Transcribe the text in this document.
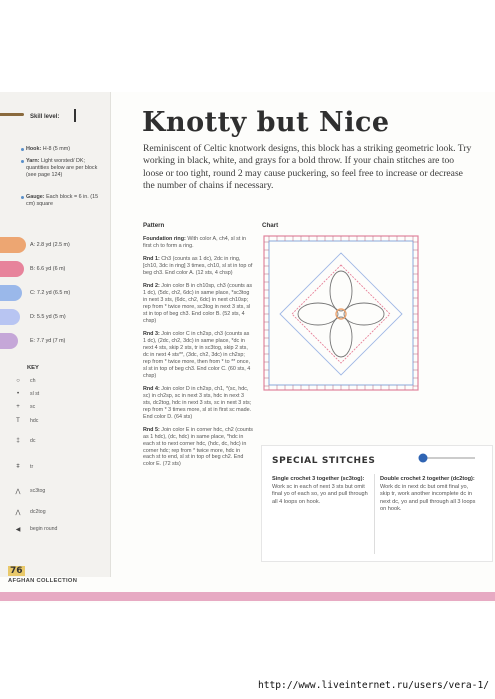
Skill level:
Hook: H-8 (5 mm)
Yarn: Light worsted/ DK; quantities below are per block (see page 124)
Gauge: Each block = 6 in. (15 cm) square
A: 2.8 yd (2.5 m)
B: 6.6 yd (6 m)
C: 7.2 yd (6.5 m)
D: 5.5 yd (5 m)
E: 7.7 yd (7 m)
KEY
○	ch
•	sl st
+	sc
T	hdc
‡	dc
ǂ	tr
⋀	sc3tog
⋀	dc2tog
◀	begin round
Knotty but Nice
Reminiscent of Celtic knotwork designs, this block has a striking geometric look. Try working in black, white, and grays for a bold throw. If your chain stitches are too loose or too tight, round 2 may cause puckering, so feel free to increase or decrease the number of chains if necessary.
Pattern

Foundation ring: With color A, ch4, sl st in first ch to form a ring.

Rnd 1: Ch3 (counts as 1 dc), 2dc in ring, [ch10, 3dc in ring] 3 times, ch10, sl st in top of beg ch3. End color A. (12 sts, 4 chsp)

Rnd 2: Join color B in ch10sp, ch3 (counts as 1 dc), (5dc, ch2, 6dc) in same place, *sc3tog in next 3 sts, (6dc, ch2, 6dc) in next ch10sp; rep from * twice more, sc3tog in next 3 sts, sl st in top of beg ch3. End color B. (52 sts, 4 chsp)

Rnd 3: Join color C in ch2sp, ch3 (counts as 1 dc), (2dc, ch2, 3dc) in same place, *dc in next 4 sts, skip 2 sts, tr in sc3tog, skip 2 sts, dc in next 4 sts**, (3dc, ch2, 3dc) in ch2sp; rep from * twice more, then from * to ** once, sl st in top of beg ch3. End color C. (60 sts, 4 chsp)

Rnd 4: Join color D in ch2sp, ch1, *(sc, hdc, sc) in ch2sp, sc in next 3 sts, hdc in next 3 sts, dc2tog, hdc in next 3 sts, sc in next 3 sts; rep from * 3 times more, sl st in first sc made. End color D. (64 sts)

Rnd 5: Join color E in corner hdc, ch2 (counts as 1 hdc), (dc, hdc) in same place, *hdc in each st to next corner hdc, (hdc, dc, hdc) in corner hdc; rep from * twice more, hdc in each st to end, sl st in top of beg ch2. End color E. (72 sts)

Chart
SPECIAL STITCHES
Single crochet 3 together (sc3tog):
Work sc in each of next 3 sts but omit final yo of each so, yo and pull through all 4 loops on hook.
Double crochet 2 together (dc2tog):
Work dc in next dc but omit final yo, skip tr, work another incomplete dc in next dc, yo and pull through all 3 loops on hook.
76
AFGHAN COLLECTION
http://www.liveinternet.ru/users/vera-1/
